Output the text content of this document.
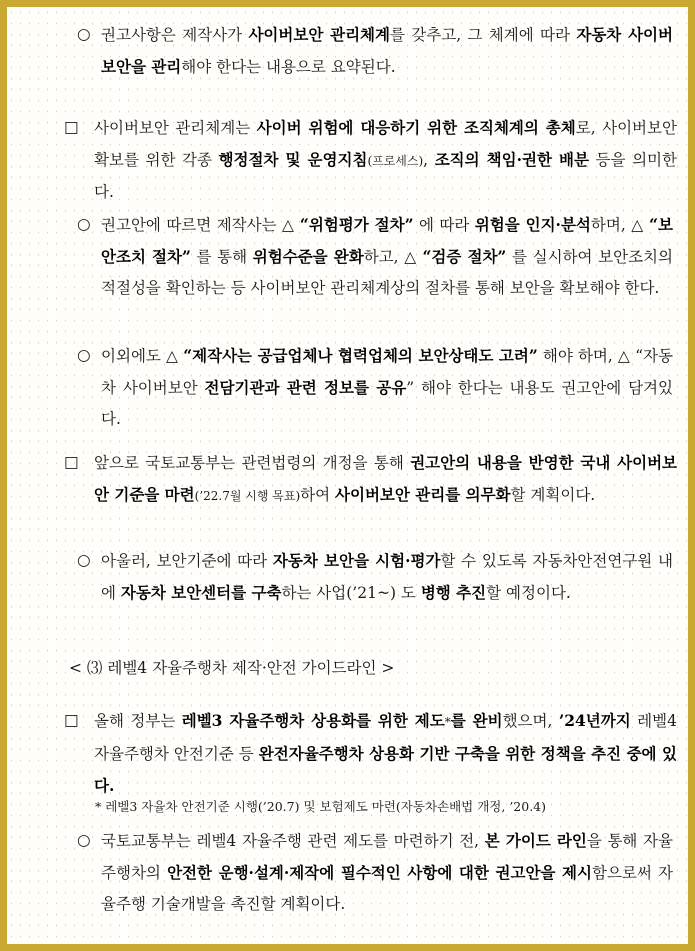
○ 권고사항은 제작사가 사이버보안 관리체계를 갖추고, 그 체계에 따라 자동차 사이버보안을 관리해야 한다는 내용으로 요약된다.

□ 사이버보안 관리체계는 사이버 위험에 대응하기 위한 조직체계의 총체로, 사이버보안 확보를 위한 각종 행정절차 및 운영지침(프로세스), 조직의 책임·권한 배분 등을 의미한다.

○ 권고안에 따르면 제작사는 △ “위험평가 절차” 에 따라 위험을 인지·분석하며, △ “보안조치 절차” 를 통해 위험수준을 완화하고, △ “검증 절차” 를 실시하여 보안조치의 적절성을 확인하는 등 사이버보안 관리체계상의 절차를 통해 보안을 확보해야 한다.

○ 이외에도 △ “제작사는 공급업체나 협력업체의 보안상태도 고려” 해야 하며, △ “자동차 사이버보안 전담기관과 관련 정보를 공유” 해야 한다는 내용도 권고안에 담겨있다.

□ 앞으로 국토교통부는 관련법령의 개정을 통해 권고안의 내용을 반영한 국내 사이버보안 기준을 마련(’22.7월 시행 목표)하여 사이버보안 관리를 의무화할 계획이다.

○ 아울러, 보안기준에 따라 자동차 보안을 시험·평가할 수 있도록 자동차안전연구원 내에 자동차 보안센터를 구축하는 사업(’21~) 도 병행 추진할 예정이다.

< ⑶ 레벨4 자율주행차 제작·안전 가이드라인 >
□ 올해 정부는 레벨3 자율주행차 상용화를 위한 제도*를 완비했으며, ’24년까지 레벨4 자율주행차 안전기준 등 완전자율주행차 상용화 기반 구축을 위한 정책을 추진 중에 있다.

* 레벨3 자율차 안전기준 시행(’20.7) 및 보험제도 마련(자동차손배법 개정, ’20.4)
○ 국토교통부는 레벨4 자율주행 관련 제도를 마련하기 전, 본 가이드 라인을 통해 자율주행차의 안전한 운행·설계·제작에 필수적인 사항에 대한 권고안을 제시함으로써 자율주행 기술개발을 촉진할 계획이다.
